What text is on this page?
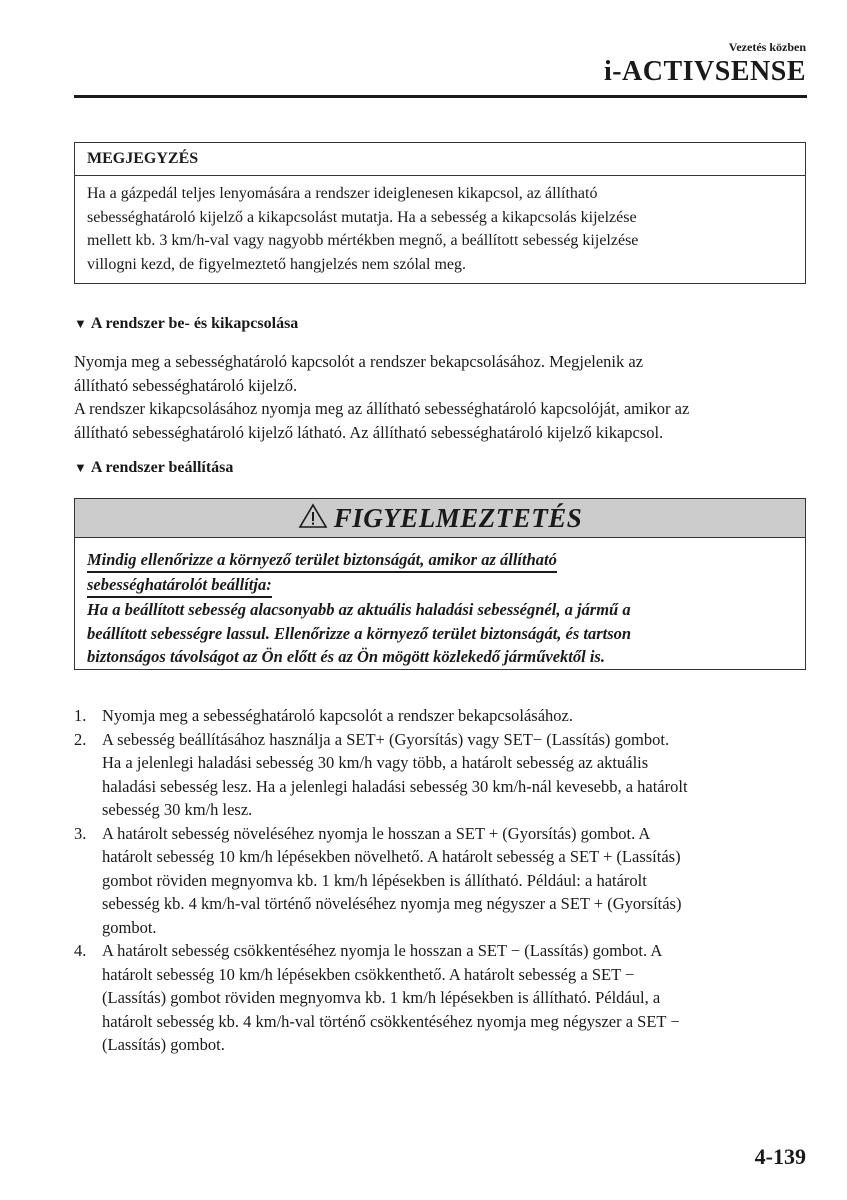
Vezetés közben
i-ACTIVSENSE
MEGJEGYZÉS
Ha a gázpedál teljes lenyomására a rendszer ideiglenesen kikapcsol, az állítható
sebességhatároló kijelző a kikapcsolást mutatja. Ha a sebesség a kikapcsolás kijelzése
mellett kb. 3 km/h-val vagy nagyobb mértékben megnő, a beállított sebesség kijelzése
villogni kezd, de figyelmeztető hangjelzés nem szólal meg.
▼ A rendszer be- és kikapcsolása
Nyomja meg a sebességhatároló kapcsolót a rendszer bekapcsolásához. Megjelenik az
állítható sebességhatároló kijelző.
A rendszer kikapcsolásához nyomja meg az állítható sebességhatároló kapcsolóját, amikor az
állítható sebességhatároló kijelző látható. Az állítható sebességhatároló kijelző kikapcsol.
▼ A rendszer beállítása
FIGYELMEZTETÉS
Mindig ellenőrizze a környező terület biztonságát, amikor az állítható
sebességhatárolót beállítja:
Ha a beállított sebesség alacsonyabb az aktuális haladási sebességnél, a jármű a
beállított sebességre lassul. Ellenőrizze a környező terület biztonságát, és tartson
biztonságos távolságot az Ön előtt és az Ön mögött közlekedő járművektől is.
1. Nyomja meg a sebességhatároló kapcsolót a rendszer bekapcsolásához.
2. A sebesség beállításához használja a SET+ (Gyorsítás) vagy SET− (Lassítás) gombot.
Ha a jelenlegi haladási sebesség 30 km/h vagy több, a határolt sebesség az aktuális
haladási sebesség lesz. Ha a jelenlegi haladási sebesség 30 km/h-nál kevesebb, a határolt
sebesség 30 km/h lesz.
3. A határolt sebesség növeléséhez nyomja le hosszan a SET + (Gyorsítás) gombot. A
határolt sebesség 10 km/h lépésekben növelhető. A határolt sebesség a SET + (Lassítás)
gombot röviden megnyomva kb. 1 km/h lépésekben is állítható. Például: a határolt
sebesség kb. 4 km/h-val történő növeléséhez nyomja meg négyszer a SET + (Gyorsítás)
gombot.
4. A határolt sebesség csökkentéséhez nyomja le hosszan a SET − (Lassítás) gombot. A
határolt sebesség 10 km/h lépésekben csökkenthető. A határolt sebesség a SET −
(Lassítás) gombot röviden megnyomva kb. 1 km/h lépésekben is állítható. Például, a
határolt sebesség kb. 4 km/h-val történő csökkentéséhez nyomja meg négyszer a SET −
(Lassítás) gombot.
4-139
